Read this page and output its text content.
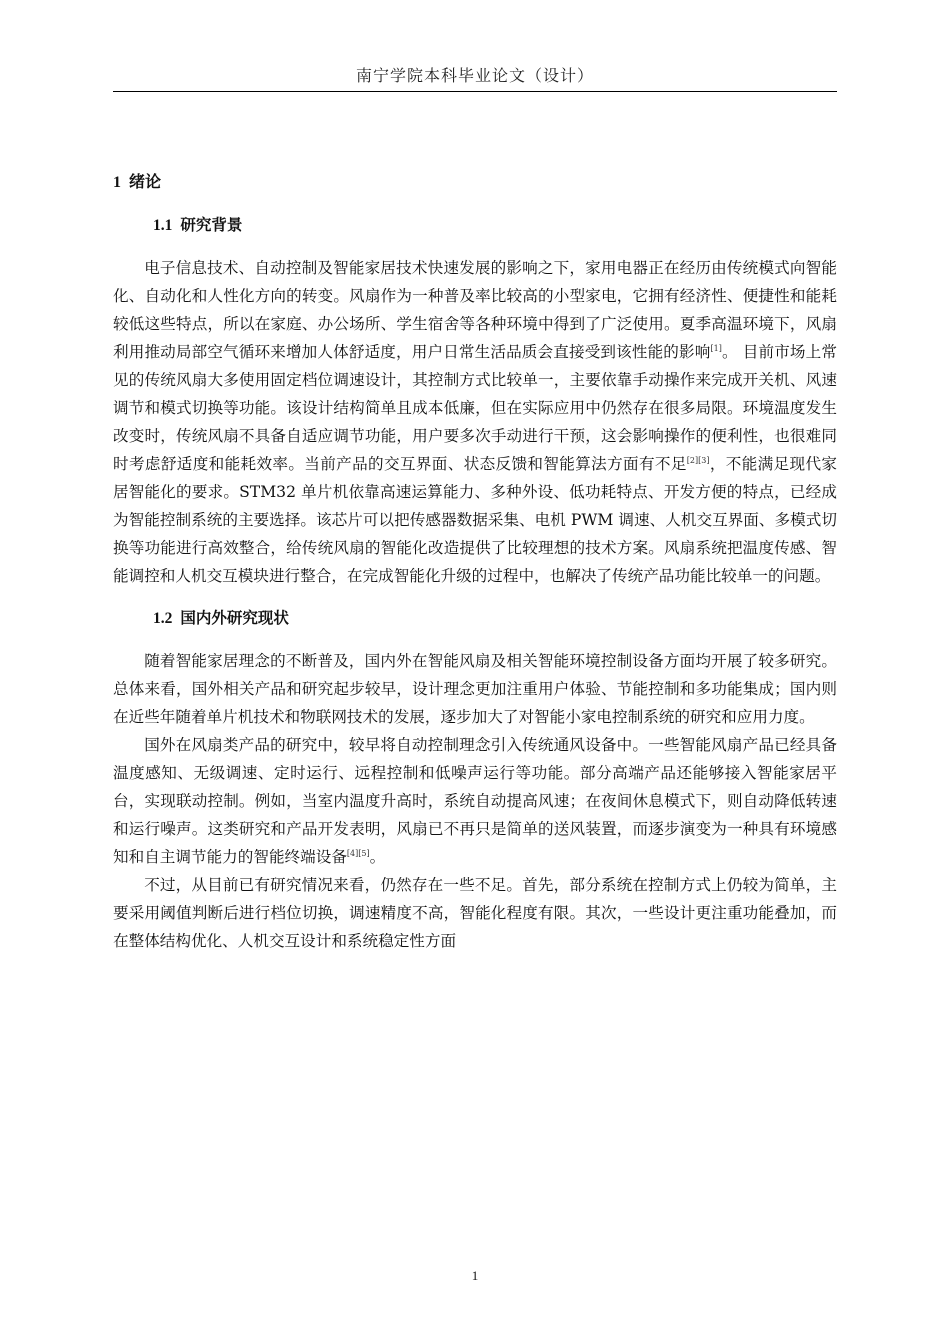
南宁学院本科毕业论文（设计）
1 绪论
1.1 研究背景

电子信息技术、自动控制及智能家居技术快速发展的影响之下，家用电器正在经历由传统模式向智能化、自动化和人性化方向的转变。风扇作为一种普及率比较高的小型家电，它拥有经济性、便捷性和能耗较低这些特点，所以在家庭、办公场所、学生宿舍等各种环境中得到了广泛使用。夏季高温环境下，风扇利用推动局部空气循环来增加人体舒适度，用户日常生活品质会直接受到该性能的影响[1]。 目前市场上常见的传统风扇大多使用固定档位调速设计，其控制方式比较单一，主要依靠手动操作来完成开关机、风速调节和模式切换等功能。该设计结构简单且成本低廉，但在实际应用中仍然存在很多局限。环境温度发生改变时，传统风扇不具备自适应调节功能，用户要多次手动进行干预，这会影响操作的便利性，也很难同时考虑舒适度和能耗效率。当前产品的交互界面、状态反馈和智能算法方面有不足[2][3]，不能满足现代家居智能化的要求。STM32 单片机依靠高速运算能力、多种外设、低功耗特点、开发方便的特点，已经成为智能控制系统的主要选择。该芯片可以把传感器数据采集、电机 PWM 调速、人机交互界面、多模式切换等功能进行高效整合，给传统风扇的智能化改造提供了比较理想的技术方案。风扇系统把温度传感、智能调控和人机交互模块进行整合，在完成智能化升级的过程中，也解决了传统产品功能比较单一的问题。

1.2 国内外研究现状

随着智能家居理念的不断普及，国内外在智能风扇及相关智能环境控制设备方面均开展了较多研究。总体来看，国外相关产品和研究起步较早，设计理念更加注重用户体验、节能控制和多功能集成；国内则在近些年随着单片机技术和物联网技术的发展，逐步加大了对智能小家电控制系统的研究和应用力度。

国外在风扇类产品的研究中，较早将自动控制理念引入传统通风设备中。一些智能风扇产品已经具备温度感知、无级调速、定时运行、远程控制和低噪声运行等功能。部分高端产品还能够接入智能家居平台，实现联动控制。例如，当室内温度升高时，系统自动提高风速；在夜间休息模式下，则自动降低转速和运行噪声。这类研究和产品开发表明，风扇已不再只是简单的送风装置，而逐步演变为一种具有环境感知和自主调节能力的智能终端设备[4][5]。

不过，从目前已有研究情况来看，仍然存在一些不足。首先，部分系统在控制方式上仍较为简单，主要采用阈值判断后进行档位切换，调速精度不高，智能化程度有限。其次，一些设计更注重功能叠加，而在整体结构优化、人机交互设计和系统稳定性方面

1
